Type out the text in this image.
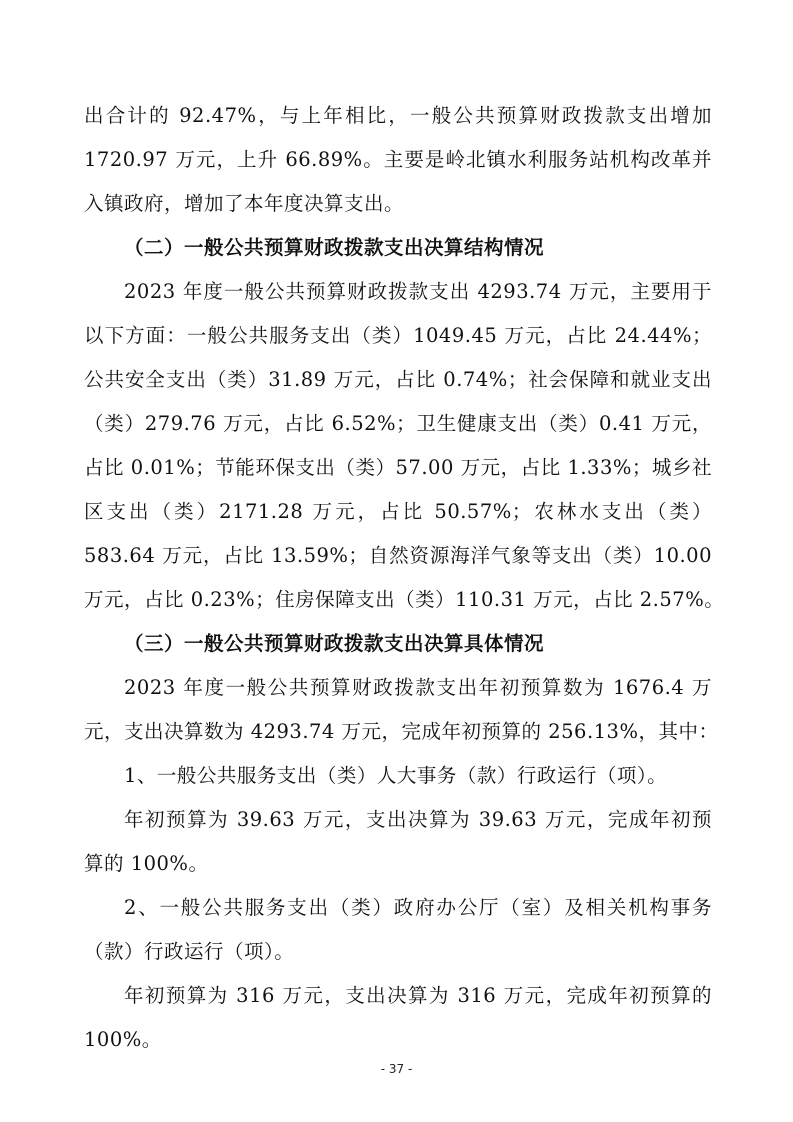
出合计的 92.47%，与上年相比，一般公共预算财政拨款支出增加
1720.97 万元，上升 66.89%。主要是岭北镇水利服务站机构改革并
入镇政府，增加了本年度决算支出。
（二）一般公共预算财政拨款支出决算结构情况
2023 年度一般公共预算财政拨款支出 4293.74 万元，主要用于
以下方面：一般公共服务支出（类）1049.45 万元，占比 24.44%；
公共安全支出（类）31.89 万元，占比 0.74%；社会保障和就业支出
（类）279.76 万元，占比 6.52%；卫生健康支出（类）0.41 万元，
占比 0.01%；节能环保支出（类）57.00 万元，占比 1.33%；城乡社
区支出（类）2171.28 万元，占比 50.57%；农林水支出（类）
583.64 万元，占比 13.59%；自然资源海洋气象等支出（类）10.00
万元，占比 0.23%；住房保障支出（类）110.31 万元，占比 2.57%。
（三）一般公共预算财政拨款支出决算具体情况
2023 年度一般公共预算财政拨款支出年初预算数为 1676.4 万
元，支出决算数为 4293.74 万元，完成年初预算的 256.13%，其中：
1、一般公共服务支出（类）人大事务（款）行政运行（项）。
年初预算为 39.63 万元，支出决算为 39.63 万元，完成年初预
算的 100%。
2、一般公共服务支出（类）政府办公厅（室）及相关机构事务
（款）行政运行（项）。
年初预算为 316 万元，支出决算为 316 万元，完成年初预算的
100%。
- 37 -
